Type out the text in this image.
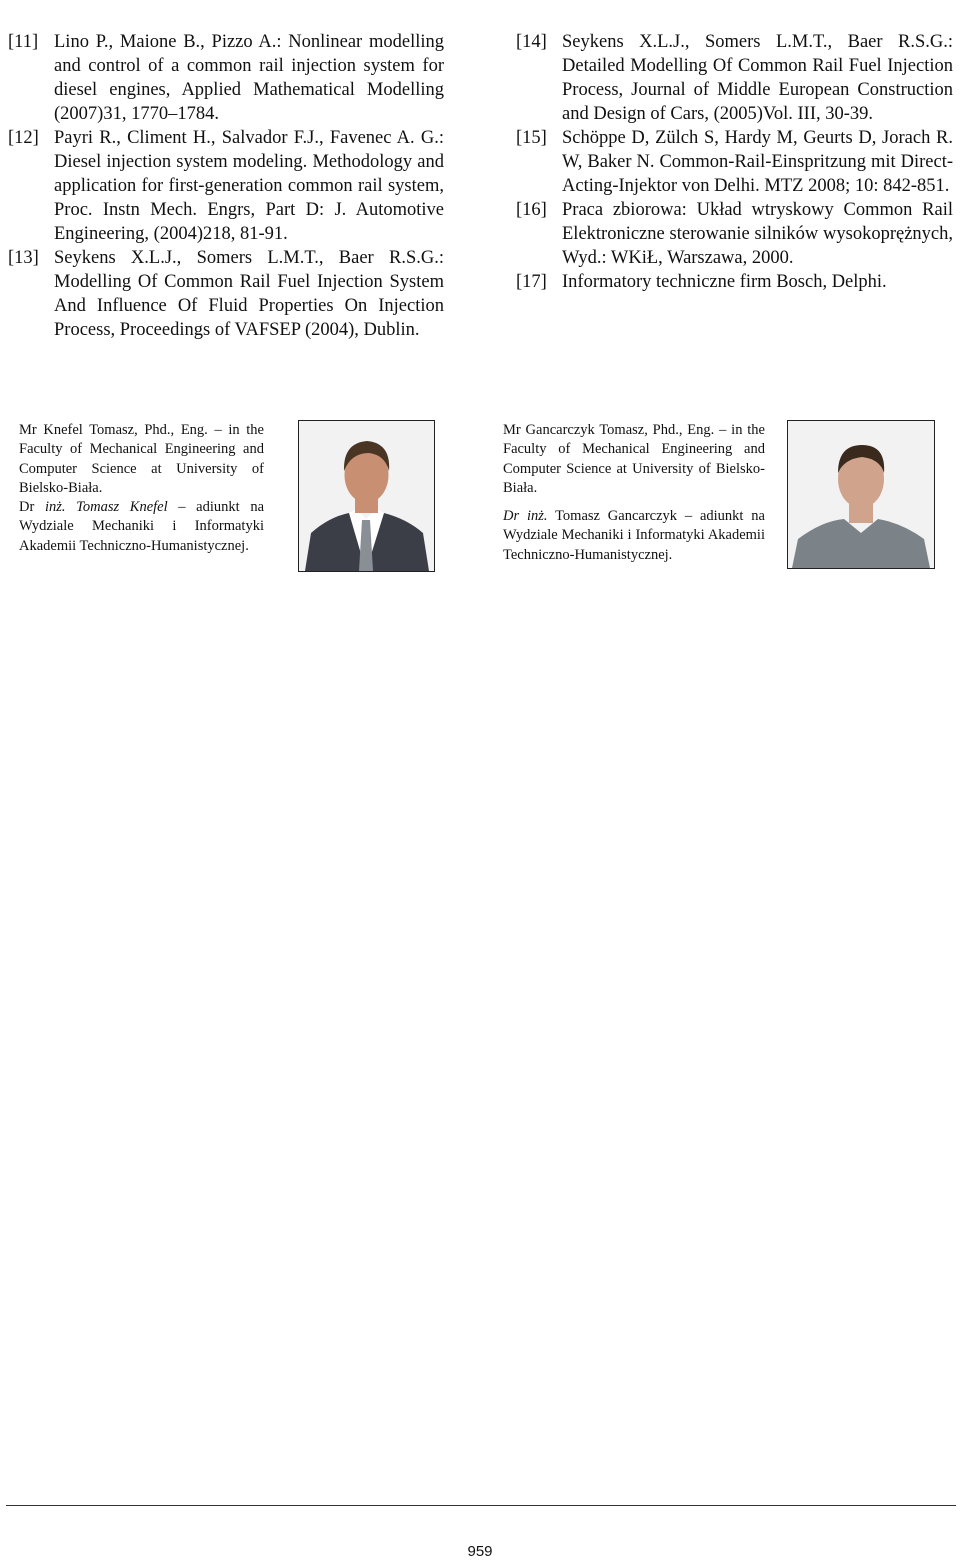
[11] Lino P., Maione B., Pizzo A.: Nonlinear modelling and control of a common rail injection system for diesel engines, Applied Mathematical Modelling (2007)31, 1770–1784.
[12] Payri R., Climent H., Salvador F.J., Favenec A. G.: Diesel injection system modeling. Methodology and application for first-generation common rail system, Proc. Instn Mech. Engrs, Part D: J. Automotive Engineering, (2004)218, 81-91.
[13] Seykens X.L.J., Somers L.M.T., Baer R.S.G.: Modelling Of Common Rail Fuel Injection System And Influence Of Fluid Properties On Injection Process, Proceedings of VAFSEP (2004), Dublin.
[14] Seykens X.L.J., Somers L.M.T., Baer R.S.G.: Detailed Modelling Of Common Rail Fuel Injection Process, Journal of Middle European Construction and Design of Cars, (2005)Vol. III, 30-39.
[15] Schöppe D, Zülch S, Hardy M, Geurts D, Jorach R. W, Baker N. Common-Rail-Einspritzung mit Direct-Acting-Injektor von Delhi. MTZ 2008; 10: 842-851.
[16] Praca zbiorowa: Układ wtryskowy Common Rail Elektroniczne sterowanie silników wysokoprężnych, Wyd.: WKiŁ, Warszawa, 2000.
[17] Informatory techniczne firm Bosch, Delphi.

Mr Knefel Tomasz, Phd., Eng. – in the Faculty of Mechanical Engineering and Computer Science at University of Bielsko-Biała.

Dr inż. Tomasz Knefel – adiunkt na Wydziale Mechaniki i Informatyki Akademii Techniczno-Humanistycznej.

Mr Gancarczyk Tomasz, Phd., Eng. – in the Faculty of Mechanical Engineering and Computer Science at University of Bielsko-Biała.

Dr inż. Tomasz Gancarczyk – adiunkt na Wydziale Mechaniki i Informatyki Akademii Techniczno-Humanistycznej.

959
